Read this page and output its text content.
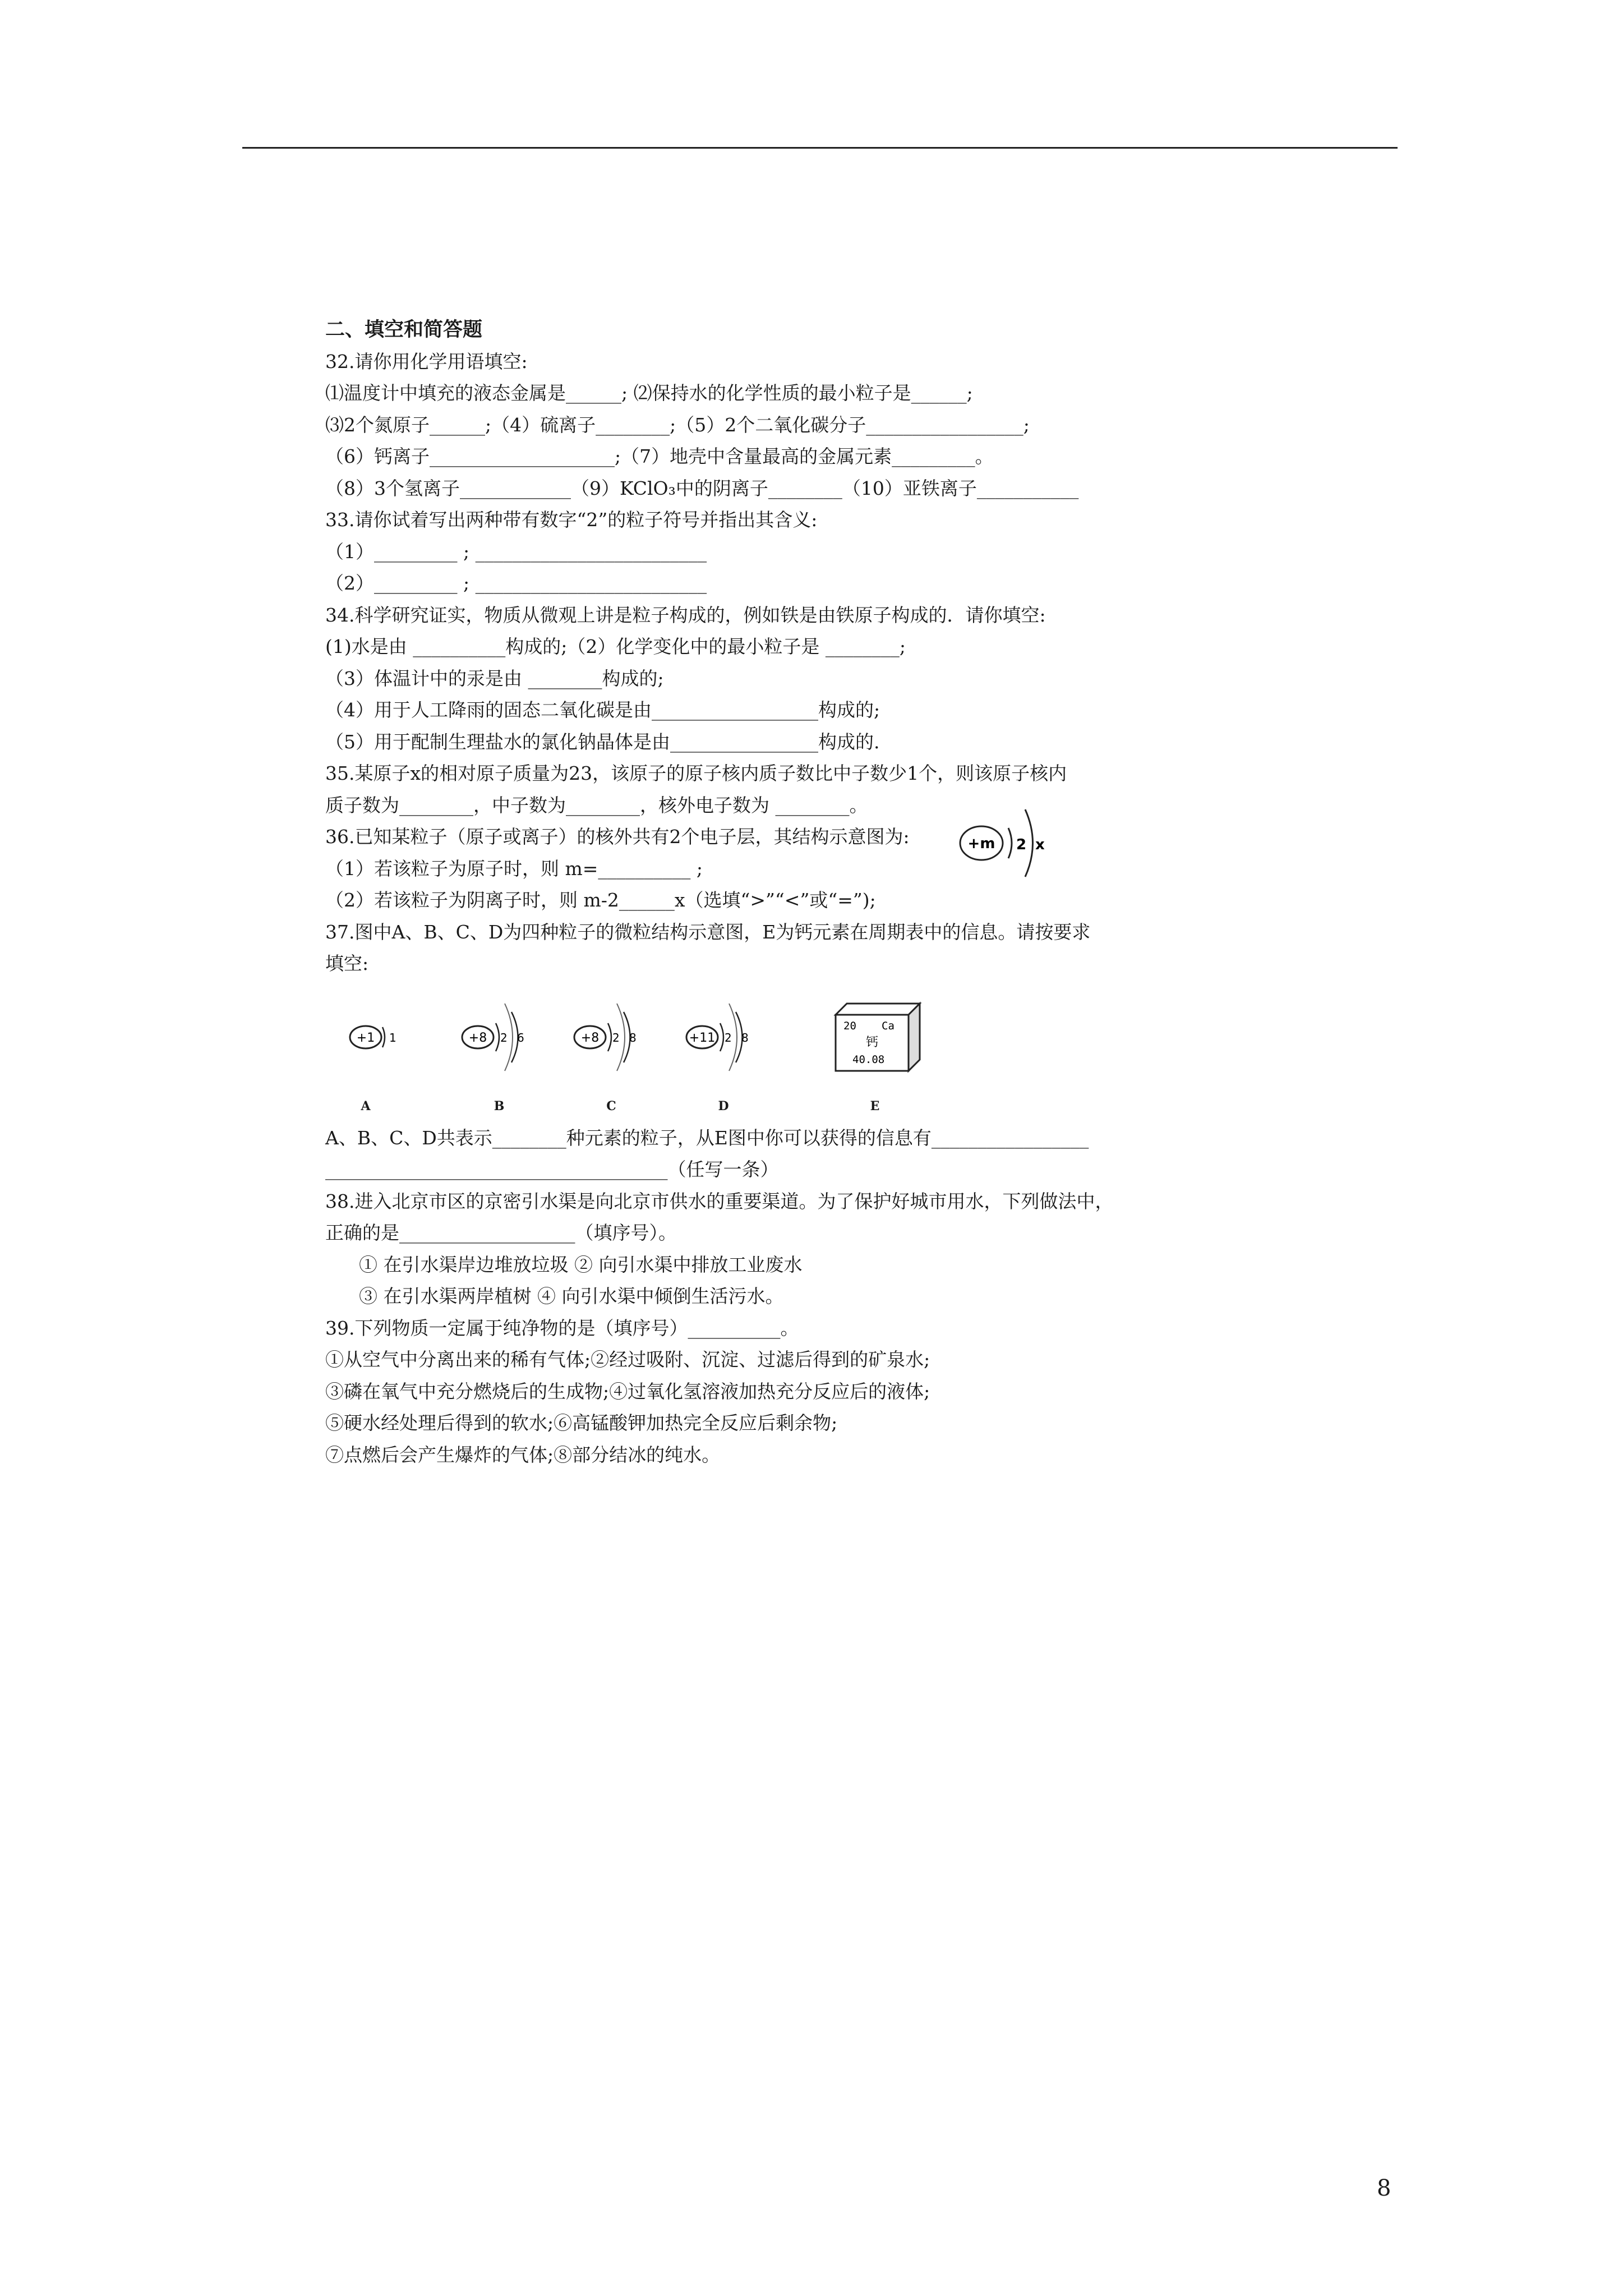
二、填空和简答题
32.请你用化学用语填空:
⑴温度计中填充的液态金属是______; ⑵保持水的化学性质的最小粒子是______;
⑶2个氮原子______;（4）硫离子________;（5）2个二氧化碳分子_________________;
（6）钙离子____________________;（7）地壳中含量最高的金属元素_________。
（8）3个氢离子____________（9）KClO₃中的阴离子________（10）亚铁离子___________
33.请你试着写出两种带有数字“2”的粒子符号并指出其含义:
（1）_________ ; _________________________
（2）_________ ; _________________________
34.科学研究证实，物质从微观上讲是粒子构成的，例如铁是由铁原子构成的．请你填空:
(1)水是由 __________构成的;（2）化学变化中的最小粒子是 ________;
（3）体温计中的汞是由 ________构成的;
（4）用于人工降雨的固态二氧化碳是由__________________构成的;
（5）用于配制生理盐水的氯化钠晶体是由________________构成的.
35.某原子x的相对原子质量为23，该原子的原子核内质子数比中子数少1个，则该原子核内
质子数为________，中子数为________，核外电子数为 ________。
36.已知某粒子（原子或离子）的核外共有2个电子层，其结构示意图为:
（1）若该粒子为原子时，则 m=__________ ;
（2）若该粒子为阴离子时，则 m-2______x（选填“>”“<”或“=”);
37.图中A、B、C、D为四种粒子的微粒结构示意图，E为钙元素在周期表中的信息。请按要求
填空:
+1 1
A
+8 2 6
B
+8 2 8
C
+11 2 8
D
20 Ca
钙
40.08
E
A、B、C、D共表示________种元素的粒子，从E图中你可以获得的信息有_________________
_____________________________________（任写一条）
38.进入北京市区的京密引水渠是向北京市供水的重要渠道。为了保护好城市用水，下列做法中，
正确的是___________________（填序号）。
① 在引水渠岸边堆放垃圾 ② 向引水渠中排放工业废水
③ 在引水渠两岸植树 ④ 向引水渠中倾倒生活污水。
39.下列物质一定属于纯净物的是（填序号）__________。
①从空气中分离出来的稀有气体;②经过吸附、沉淀、过滤后得到的矿泉水;
③磷在氧气中充分燃烧后的生成物;④过氧化氢溶液加热充分反应后的液体;
⑤硬水经处理后得到的软水;⑥高锰酸钾加热完全反应后剩余物;
⑦点燃后会产生爆炸的气体;⑧部分结冰的纯水。
+m 2 x
8
